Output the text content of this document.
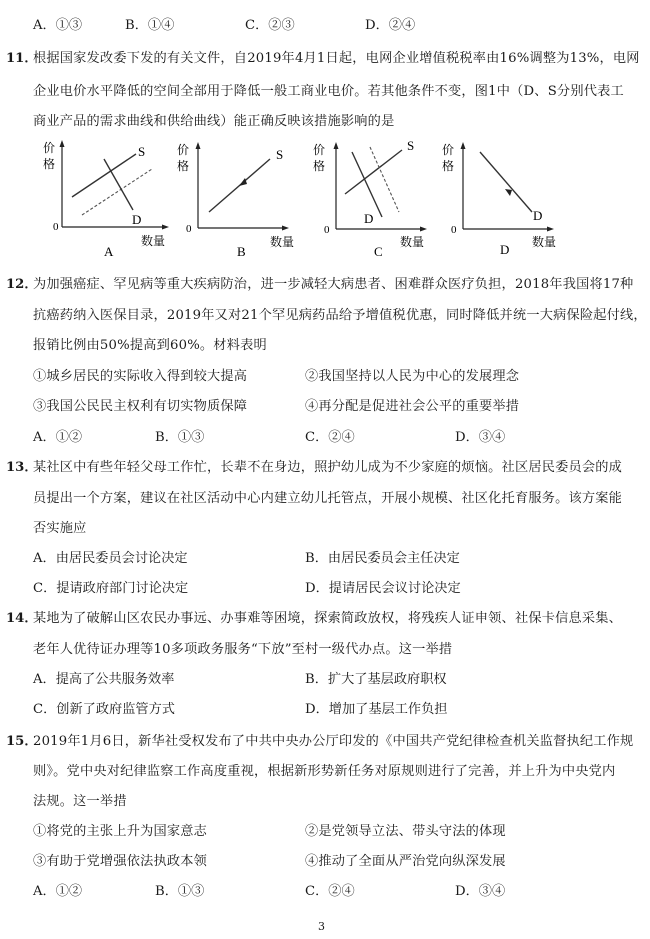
A．①③	B．①④	C．②③	D．②④
11．
根据国家发改委下发的有关文件，自2019年4月1日起，电网企业增值税税率由16%调整为13%，电网
企业电价水平降低的空间全部用于降低一般工商业电价。若其他条件不变，图1中（D、S分别代表工
商业产品的需求曲线和供给曲线）能正确反映该措施影响的是
S
D
0
价
格
数量
A
S
0
价
格
数量
B
S
D
0
价
格
数量
C
D
0
价
格
数量
D
12．
为加强癌症、罕见病等重大疾病防治，进一步减轻大病患者、困难群众医疗负担，2018年我国将17种
抗癌药纳入医保目录，2019年又对21个罕见病药品给予增值税优惠，同时降低并统一大病保险起付线，
报销比例由50%提高到60%。材料表明
①城乡居民的实际收入得到较大提高	②我国坚持以人民为中心的发展理念
③我国公民民主权利有切实物质保障	④再分配是促进社会公平的重要举措
A．①②	B．①③	C．②④	D．③④
13．
某社区中有些年轻父母工作忙，长辈不在身边，照护幼儿成为不少家庭的烦恼。社区居民委员会的成
员提出一个方案，建议在社区活动中心内建立幼儿托管点，开展小规模、社区化托育服务。该方案能
否实施应
A．由居民委员会讨论决定	B．由居民委员会主任决定
C．提请政府部门讨论决定	D．提请居民会议讨论决定
14．
某地为了破解山区农民办事远、办事难等困境，探索简政放权，将残疾人证申领、社保卡信息采集、
老年人优待证办理等10多项政务服务“下放”至村一级代办点。这一举措
A．提高了公共服务效率	B．扩大了基层政府职权
C．创新了政府监管方式	D．增加了基层工作负担
15．
2019年1月6日，新华社受权发布了中共中央办公厅印发的《中国共产党纪律检查机关监督执纪工作规
则》。党中央对纪律监察工作高度重视，根据新形势新任务对原规则进行了完善，并上升为中央党内
法规。这一举措
①将党的主张上升为国家意志	②是党领导立法、带头守法的体现
③有助于党增强依法执政本领	④推动了全面从严治党向纵深发展
A．①②	B．①③	C．②④	D．③④
3
